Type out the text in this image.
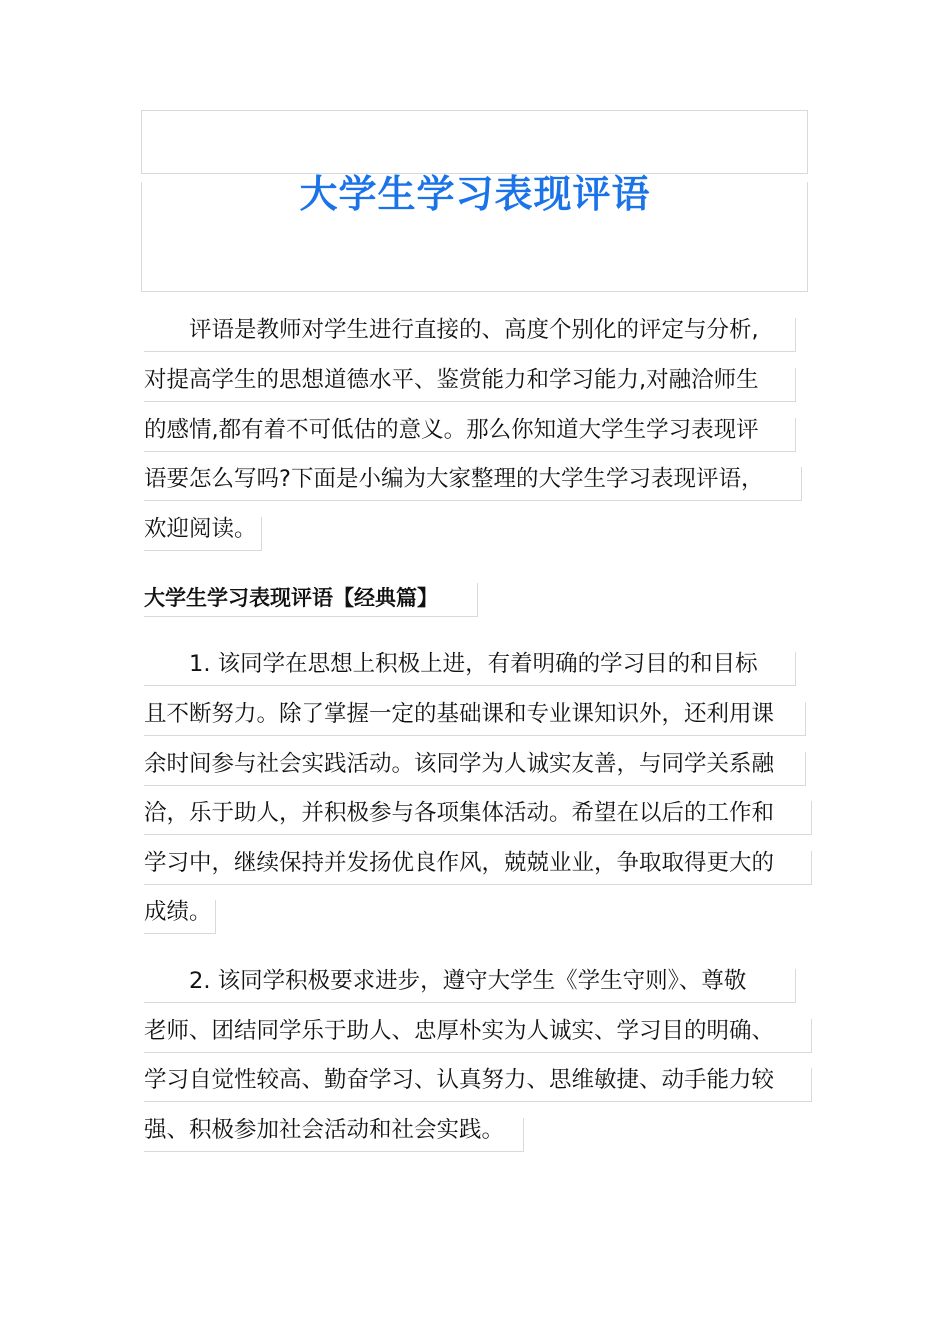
大学生学习表现评语
评语是教师对学生进行直接的、高度个别化的评定与分析,
对提高学生的思想道德水平、鉴赏能力和学习能力,对融洽师生
的感情,都有着不可低估的意义。那么你知道大学生学习表现评
语要怎么写吗?下面是小编为大家整理的大学生学习表现评语，
欢迎阅读。
大学生学习表现评语【经典篇】
1. 该同学在思想上积极上进，有着明确的学习目的和目标
且不断努力。除了掌握一定的基础课和专业课知识外，还利用课
余时间参与社会实践活动。该同学为人诚实友善，与同学关系融
洽，乐于助人，并积极参与各项集体活动。希望在以后的工作和
学习中，继续保持并发扬优良作风，兢兢业业，争取取得更大的
成绩。
2. 该同学积极要求进步，遵守大学生《学生守则》、尊敬
老师、团结同学乐于助人、忠厚朴实为人诚实、学习目的明确、
学习自觉性较高、勤奋学习、认真努力、思维敏捷、动手能力较
强、积极参加社会活动和社会实践。
